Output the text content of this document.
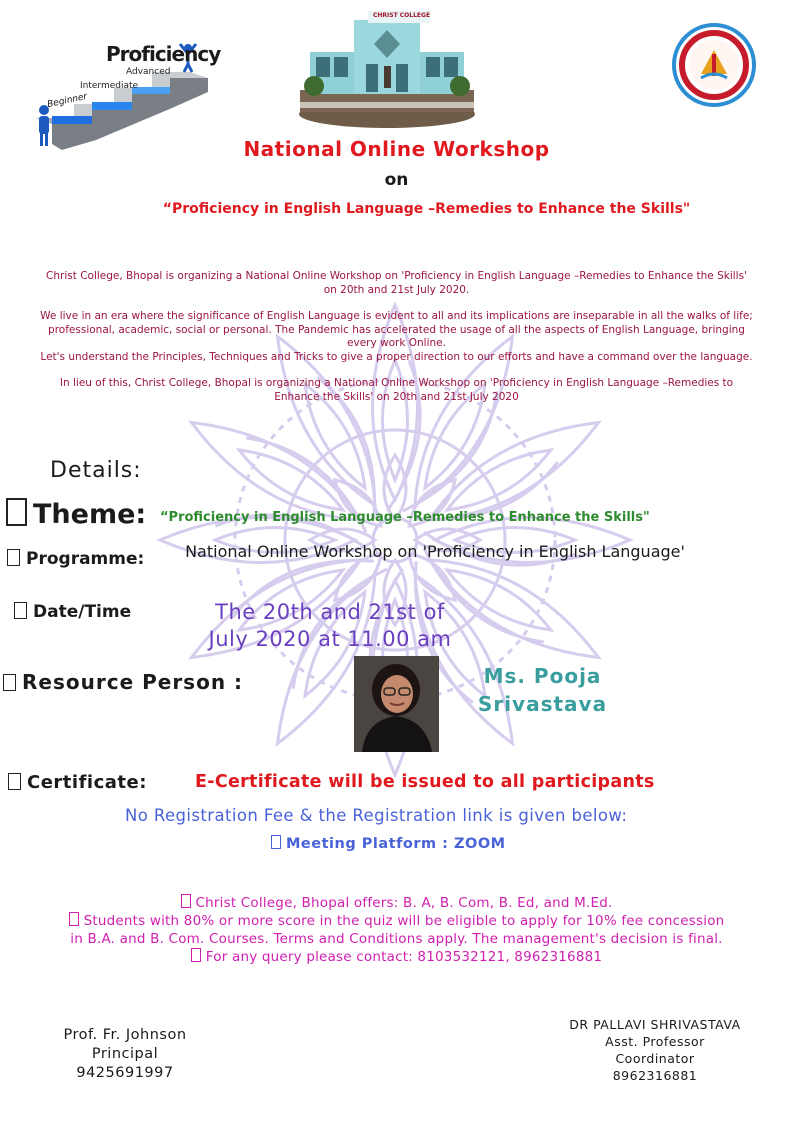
Proficiency
Advanced
Intermediate
Beginner
CHRIST COLLEGE
National Online Workshop
on
“Proficiency in English Language –Remedies to Enhance the Skills"
Christ College, Bhopal is organizing a National Online Workshop on 'Proficiency in English Language –Remedies to Enhance the Skills' on 20th and 21st July 2020.
We live in an era where the significance of English Language is evident to all and its implications are inseparable in all the walks of life; professional, academic, social or personal. The Pandemic has accelerated the usage of all the aspects of English Language, bringing every work Online.
Let's understand the Principles, Techniques and Tricks to give a proper direction to our efforts and have a command over the language.
In lieu of this, Christ College, Bhopal is organizing a National Online Workshop on 'Proficiency in English Language –Remedies to Enhance the Skills' on 20th and 21st July 2020
Details:
Theme: “Proficiency in English Language –Remedies to Enhance the Skills"
Programme:	National Online Workshop on 'Proficiency in English Language'
Date/Time	The 20th and 21st of
July 2020 at 11.00 am
Resource Person :	Ms. Pooja
Srivastava
Certificate:	E-Certificate will be issued to all participants
No Registration Fee & the Registration link is given below:
Meeting Platform : ZOOM
Christ College, Bhopal offers: B. A, B. Com, B. Ed, and M.Ed.
Students with 80% or more score in the quiz will be eligible to apply for 10% fee concession
in B.A. and B. Com. Courses. Terms and Conditions apply. The management's decision is final.
For any query please contact: 8103532121, 8962316881
Prof. Fr. Johnson
Principal
9425691997
DR PALLAVI SHRIVASTAVA
Asst. Professor
Coordinator
8962316881
